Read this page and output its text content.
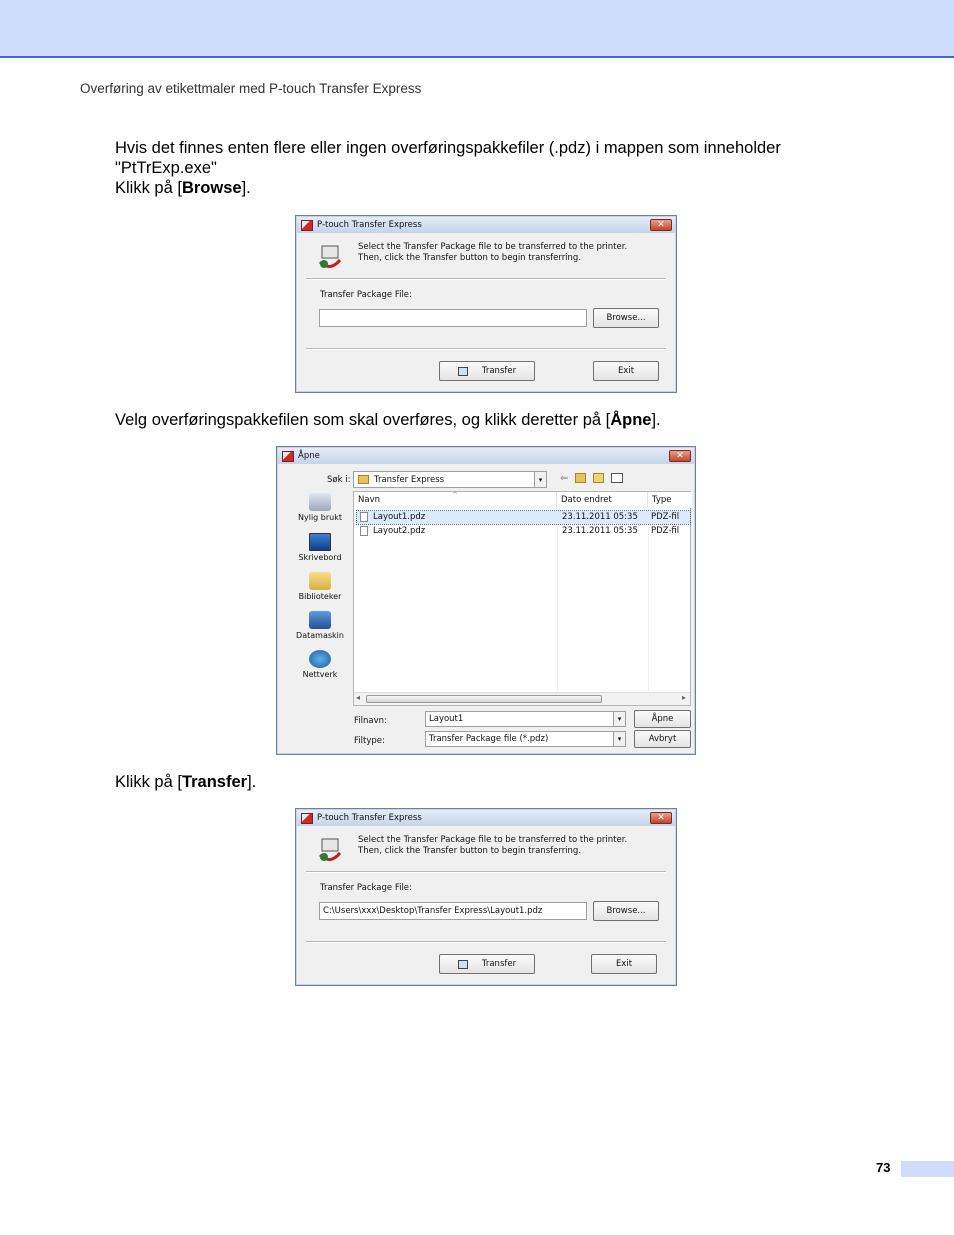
Overføring av etikettmaler med P-touch Transfer Express
Hvis det finnes enten flere eller ingen overføringspakkefiler (.pdz) i mappen som inneholder
"PtTrExp.exe"
Klikk på [Browse].
P-touch Transfer Express	✕
Select the Transfer Package file to be transferred to the printer.
Then, click the Transfer button to begin transferring.
Transfer Package File:
Browse...
Transfer	Exit
Velg overføringspakkefilen som skal overføres, og klikk deretter på [Åpne].
Åpne	✕
Søk i:	Transfer Express	▾	⇐
Nylig brukt
Skrivebord
Biblioteker
Datamaskin
Nettverk
Navn	^	Dato endret	Type
Layout1.pdz	23.11.2011 05:35 PDZ-fil
Layout2.pdz	23.11.2011 05:35 PDZ-fil
◂	▸
Filnavn:	Layout1	▾
Filtype:	Transfer Package file (*.pdz)	▾
Åpne
Avbryt
Klikk på [Transfer].
P-touch Transfer Express	✕
Select the Transfer Package file to be transferred to the printer.
Then, click the Transfer button to begin transferring.
Transfer Package File:
C:\Users\xxx\Desktop\Transfer Express\Layout1.pdz	Browse...
Transfer	Exit
73
